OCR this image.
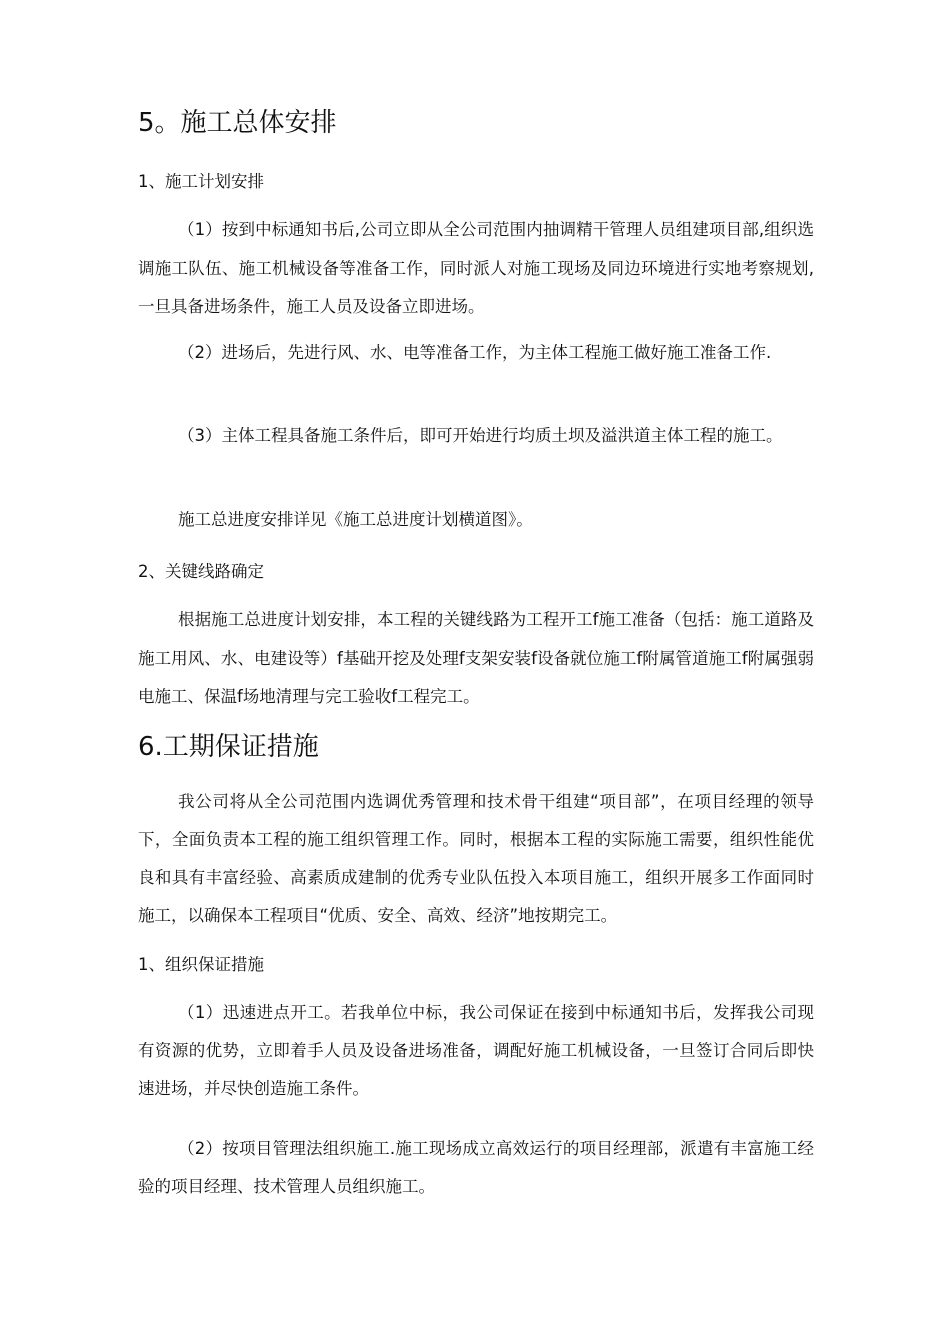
5。施工总体安排

1、施工计划安排

（1）按到中标通知书后,公司立即从全公司范围内抽调精干管理人员组建项目部,组织选调施工队伍、施工机械设备等准备工作，同时派人对施工现场及同边环境进行实地考察规划,一旦具备进场条件，施工人员及设备立即进场。

（2）进场后，先进行风、水、电等准备工作，为主体工程施工做好施工准备工作.

（3）主体工程具备施工条件后，即可开始进行均质土坝及溢洪道主体工程的施工。

施工总进度安排详见《施工总进度计划横道图》。

2、关键线路确定

根据施工总进度计划安排，本工程的关键线路为工程开工f施工准备（包括：施工道路及施工用风、水、电建设等）f基础开挖及处理f支架安装f设备就位施工f附属管道施工f附属强弱电施工、保温f场地清理与完工验收f工程完工。

6.工期保证措施

我公司将从全公司范围内选调优秀管理和技术骨干组建“项目部”，在项目经理的领导下，全面负责本工程的施工组织管理工作。同时，根据本工程的实际施工需要，组织性能优良和具有丰富经验、高素质成建制的优秀专业队伍投入本项目施工，组织开展多工作面同时施工，以确保本工程项目“优质、安全、高效、经济”地按期完工。

1、组织保证措施

（1）迅速进点开工。若我单位中标，我公司保证在接到中标通知书后，发挥我公司现有资源的优势，立即着手人员及设备进场准备，调配好施工机械设备，一旦签订合同后即快速进场，并尽快创造施工条件。

（2）按项目管理法组织施工.施工现场成立高效运行的项目经理部，派遣有丰富施工经验的项目经理、技术管理人员组织施工。
